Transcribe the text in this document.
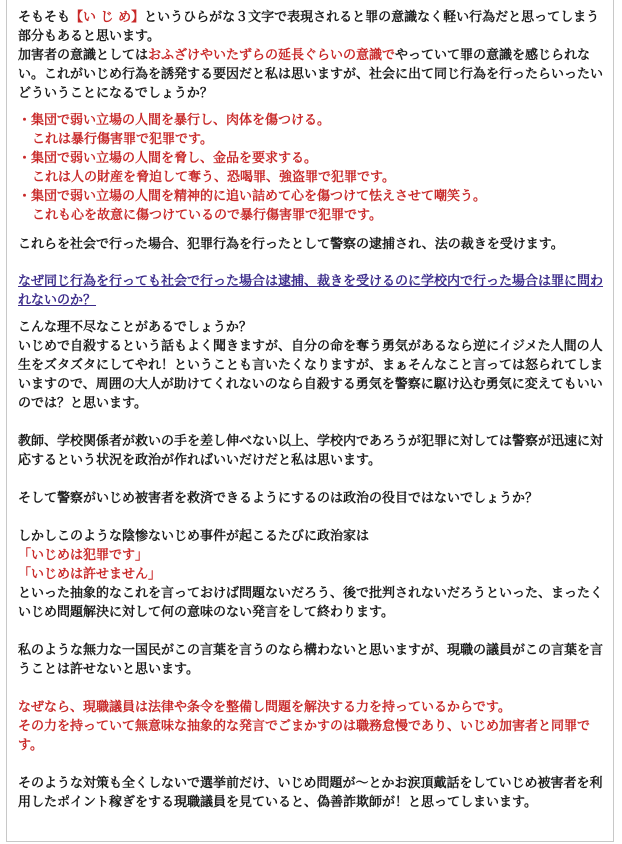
そもそも【い じ め】というひらがな３文字で表現されると罪の意識なく軽い行為だと思ってしまう部分もあると思います。

加害者の意識としてはおふざけやいたずらの延長ぐらいの意識でやっていて罪の意識を感じられない。これがいじめ行為を誘発する要因だと私は思いますが、社会に出て同じ行為を行ったらいったいどういうことになるでしょうか？

・集団で弱い立場の人間を暴行し、肉体を傷つける。
これは暴行傷害罪で犯罪です。

・集団で弱い立場の人間を脅し、金品を要求する。
これは人の財産を脅迫して奪う、恐喝罪、強盗罪で犯罪です。

・集団で弱い立場の人間を精神的に追い詰めて心を傷つけて怯えさせて嘲笑う。
これも心を故意に傷つけているので暴行傷害罪で犯罪です。

これらを社会で行った場合、犯罪行為を行ったとして警察の逮捕され、法の裁きを受けます。

なぜ同じ行為を行っても社会で行った場合は逮捕、裁きを受けるのに学校内で行った場合は罪に問われないのか？

こんな理不尽なことがあるでしょうか？

いじめで自殺するという話もよく聞きますが、自分の命を奪う勇気があるなら逆にイジメた人間の人生をズタズタにしてやれ！ということも言いたくなりますが、まぁそんなこと言っては怒られてしまいますので、周囲の大人が助けてくれないのなら自殺する勇気を警察に駆け込む勇気に変えてもいいのでは？と思います。

教師、学校関係者が救いの手を差し伸べない以上、学校内であろうが犯罪に対しては警察が迅速に対応するという状況を政治が作ればいいだけだと私は思います。

そして警察がいじめ被害者を救済できるようにするのは政治の役目ではないでしょうか？

しかしこのような陰惨ないじめ事件が起こるたびに政治家は

「いじめは犯罪です」

「いじめは許せません」

といった抽象的なこれを言っておけば問題ないだろう、後で批判されないだろうといった、まったくいじめ問題解決に対して何の意味のない発言をして終わります。

私のような無力な一国民がこの言葉を言うのなら構わないと思いますが、現職の議員がこの言葉を言うことは許せないと思います。

なぜなら、現職議員は法律や条令を整備し問題を解決する力を持っているからです。

その力を持っていて無意味な抽象的な発言でごまかすのは職務怠慢であり、いじめ加害者と同罪です。

そのような対策も全くしないで選挙前だけ、いじめ問題が～とかお涙頂戴話をしていじめ被害者を利用したポイント稼ぎをする現職議員を見ていると、偽善詐欺師が！と思ってしまいます。
